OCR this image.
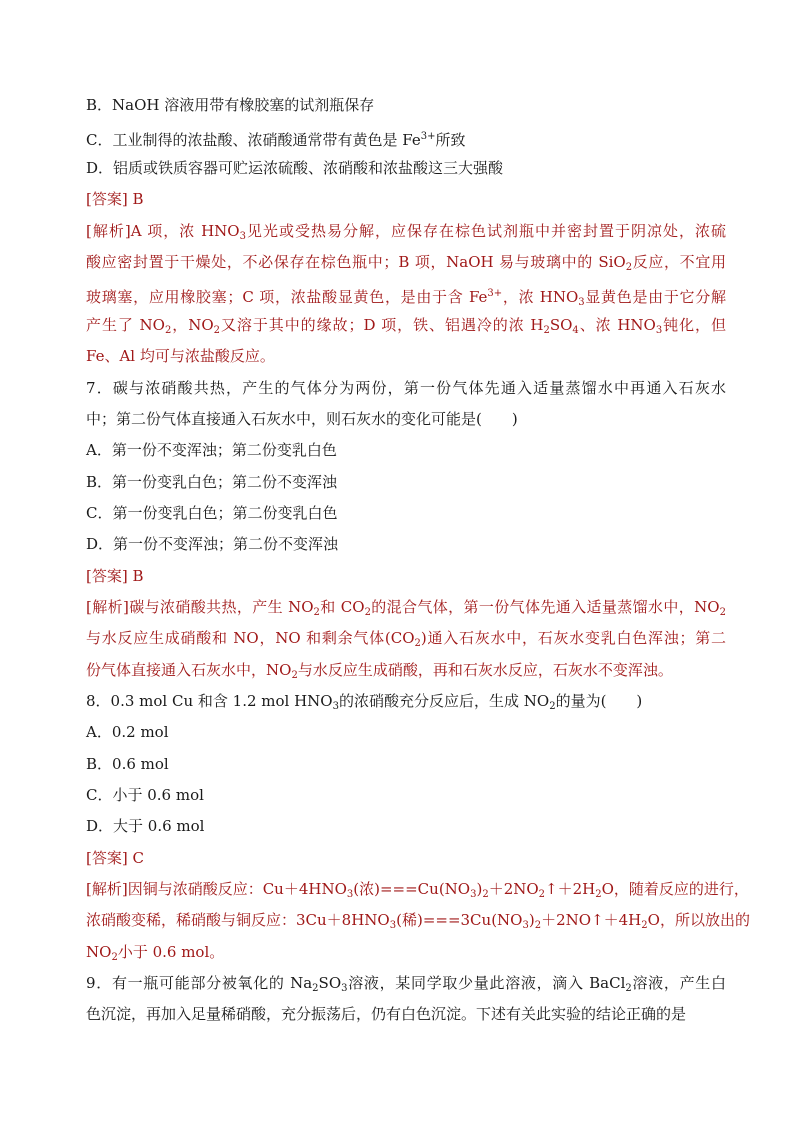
B．NaOH 溶液用带有橡胶塞的试剂瓶保存
C．工业制得的浓盐酸、浓硝酸通常带有黄色是 $Fe^{3+}$所致
D．铝质或铁质容器可贮运浓硫酸、浓硝酸和浓盐酸这三大强酸
[答案] B
[解析]A 项，浓 $HNO_3$见光或受热易分解，应保存在棕色试剂瓶中并密封置于阴凉处，浓硫
酸应密封置于干燥处，不必保存在棕色瓶中；B 项，NaOH 易与玻璃中的 SiO$_2$反应，不宜用
玻璃塞，应用橡胶塞；C 项，浓盐酸显黄色，是由于含 $Fe^{3+}$，浓 $HNO_3$显黄色是由于它分解
产生了 $NO_2$，$NO_2$又溶于其中的缘故；D 项，铁、铝遇冷的浓 $H_2SO_4$、浓 $HNO_3$钝化，但
Fe、Al 均可与浓盐酸反应。
7．碳与浓硝酸共热，产生的气体分为两份，第一份气体先通入适量蒸馏水中再通入石灰水
中；第二份气体直接通入石灰水中，则石灰水的变化可能是(　　)
A．第一份不变浑浊；第二份变乳白色
B．第一份变乳白色；第二份不变浑浊
C．第一份变乳白色；第二份变乳白色
D．第一份不变浑浊；第二份不变浑浊
[答案] B
[解析]碳与浓硝酸共热，产生 $NO_2$和 $CO_2$的混合气体，第一份气体先通入适量蒸馏水中，$NO_2$
与水反应生成硝酸和 NO，NO 和剩余气体$(CO_2)$通入石灰水中，石灰水变乳白色浑浊；第二
份气体直接通入石灰水中，$NO_2$与水反应生成硝酸，再和石灰水反应，石灰水不变浑浊。
8．0.3 mol Cu 和含 1.2 mol $HNO_3$的浓硝酸充分反应后，生成 $NO_2$的量为(　　)
A．0.2 mol
B．0.6 mol
C．小于 0.6 mol
D．大于 0.6 mol
[答案] C
[解析]因铜与浓硝酸反应：$Cu+4HNO_3$(浓)$===Cu(NO_3)_2+2NO_2↑+2H_2O$，随着反应的进行，
浓硝酸变稀，稀硝酸与铜反应：$3Cu+8HNO_3$(稀)$===3Cu(NO_3)_2+2NO↑+4H_2O$，所以放出的
$NO_2$小于 0.6 mol。
9．有一瓶可能部分被氧化的 $Na_2SO_3$溶液，某同学取少量此溶液，滴入 BaCl$_2$溶液，产生白
色沉淀，再加入足量稀硝酸，充分振荡后，仍有白色沉淀。下述有关此实验的结论正确的是
